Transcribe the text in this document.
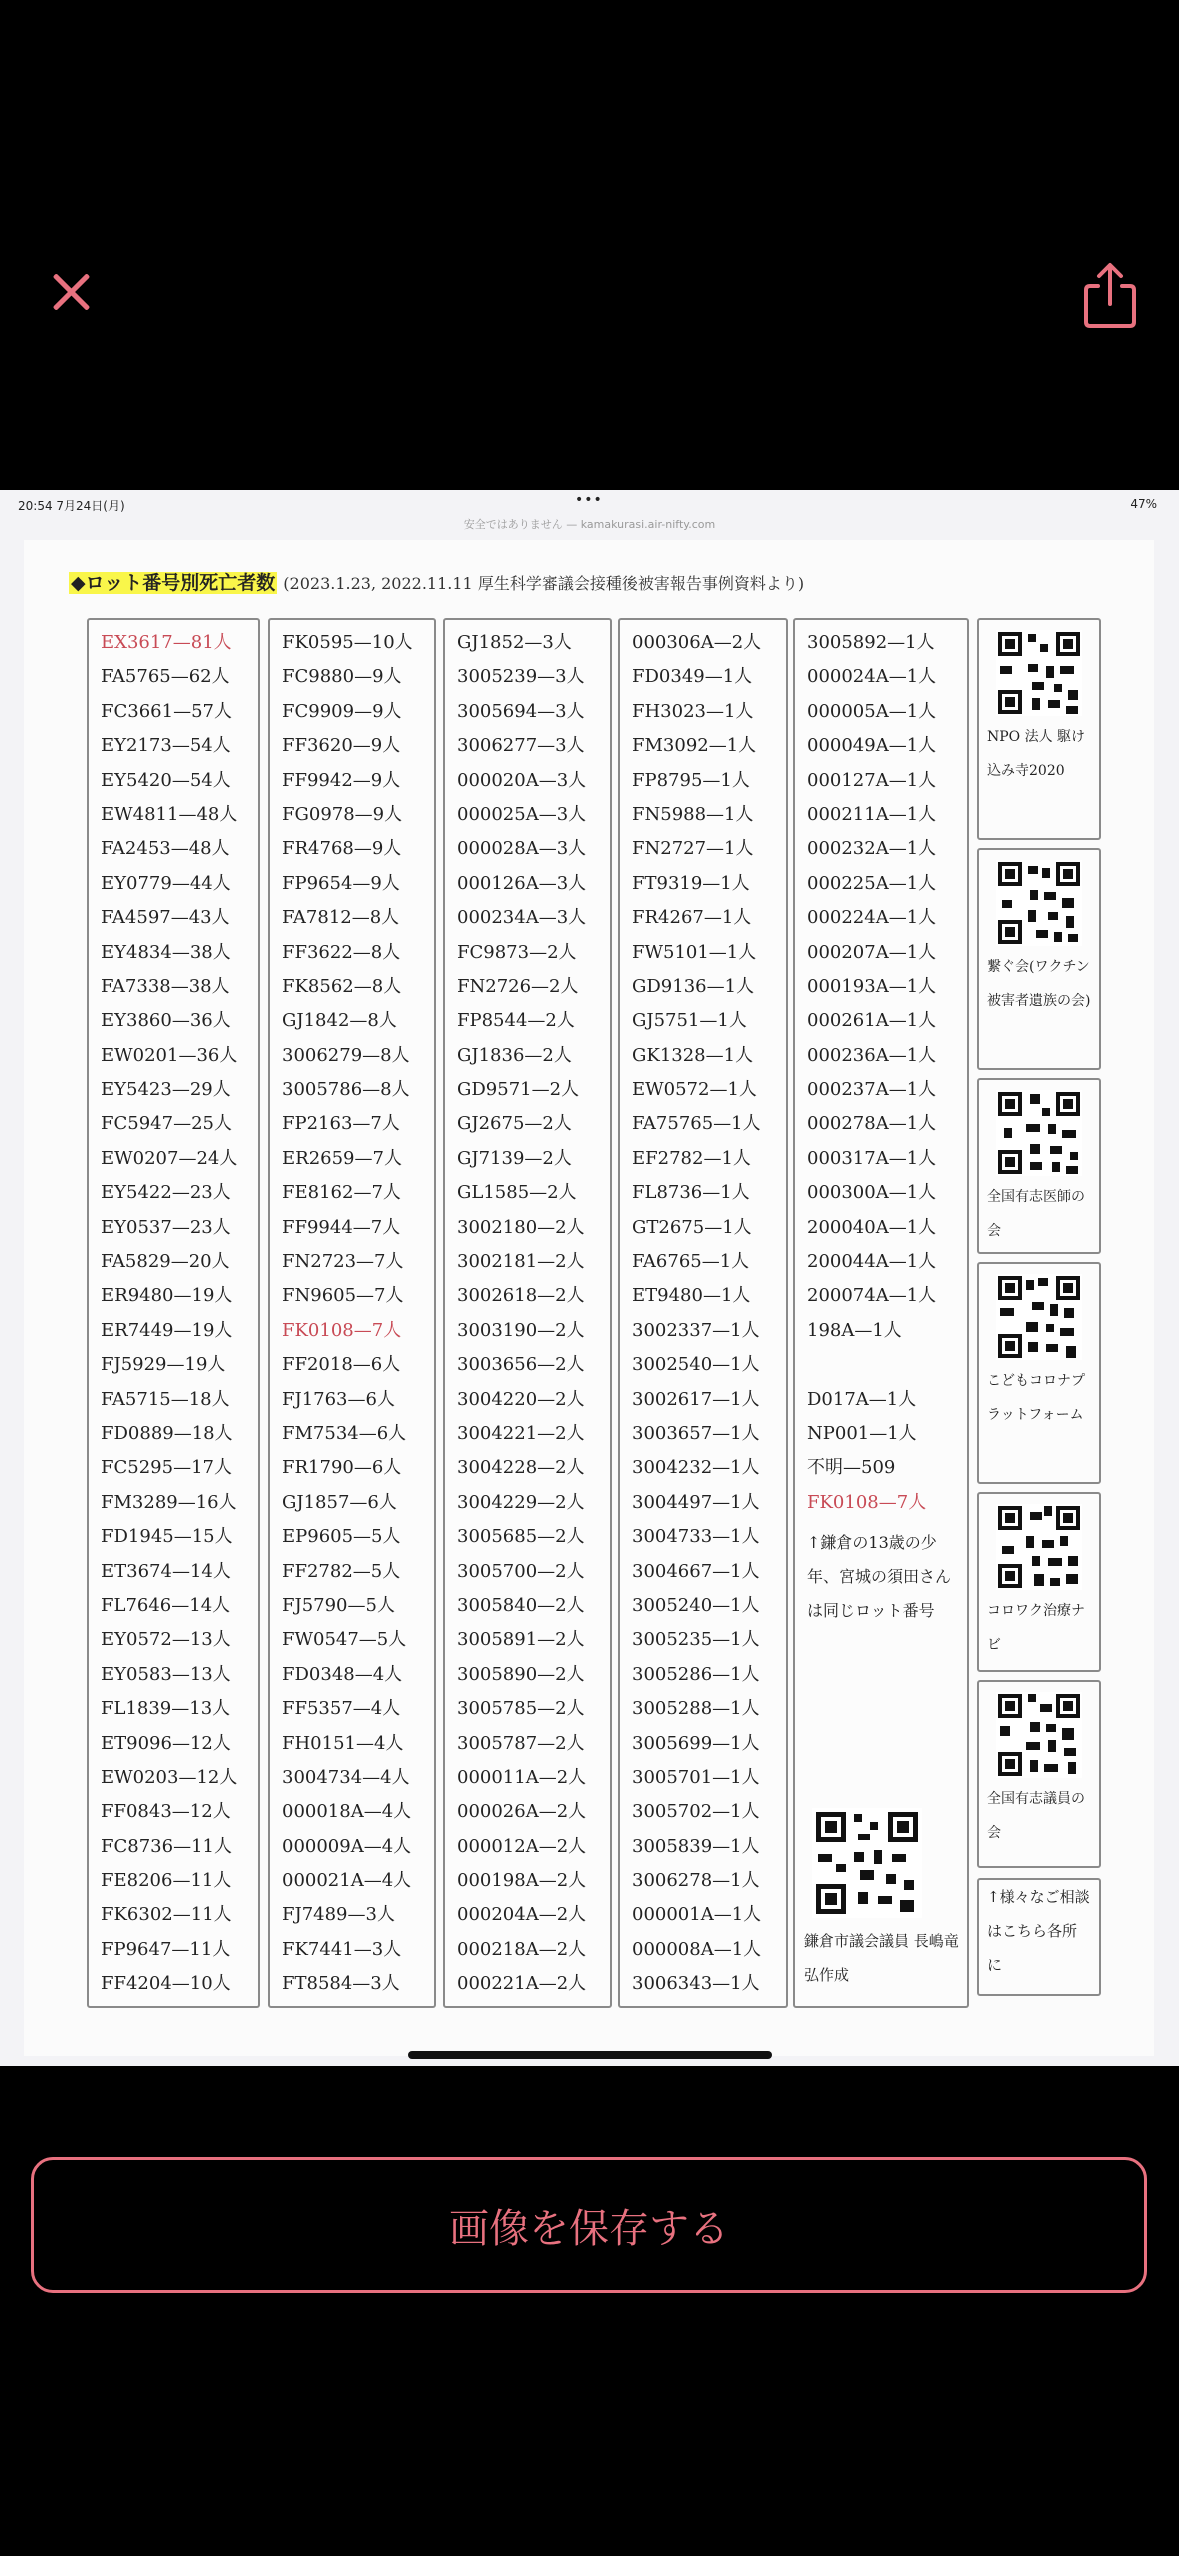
20:54 7月24日(月)	•••	47%
安全ではありません — kamakurasi.air-nifty.com
◆ロット番号別死亡者数 (2023.1.23, 2022.11.11 厚生科学審議会接種後被害報告事例資料より)
EX3617—81人
FA5765—62人
FC3661—57人
EY2173—54人
EY5420—54人
EW4811—48人
FA2453—48人
EY0779—44人
FA4597—43人
EY4834—38人
FA7338—38人
EY3860—36人
EW0201—36人
EY5423—29人
FC5947—25人
EW0207—24人
EY5422—23人
EY0537—23人
FA5829—20人
ER9480—19人
ER7449—19人
FJ5929—19人
FA5715—18人
FD0889—18人
FC5295—17人
FM3289—16人
FD1945—15人
ET3674—14人
FL7646—14人
EY0572—13人
EY0583—13人
FL1839—13人
ET9096—12人
EW0203—12人
FF0843—12人
FC8736—11人
FE8206—11人
FK6302—11人
FP9647—11人
FF4204—10人
FK0595—10人
FC9880—9人
FC9909—9人
FF3620—9人
FF9942—9人
FG0978—9人
FR4768—9人
FP9654—9人
FA7812—8人
FF3622—8人
FK8562—8人
GJ1842—8人
3006279—8人
3005786—8人
FP2163—7人
ER2659—7人
FE8162—7人
FF9944—7人
FN2723—7人
FN9605—7人
FK0108—7人
FF2018—6人
FJ1763—6人
FM7534—6人
FR1790—6人
GJ1857—6人
EP9605—5人
FF2782—5人
FJ5790—5人
FW0547—5人
FD0348—4人
FF5357—4人
FH0151—4人
3004734—4人
000018A—4人
000009A—4人
000021A—4人
FJ7489—3人
FK7441—3人
FT8584—3人
GJ1852—3人
3005239—3人
3005694—3人
3006277—3人
000020A—3人
000025A—3人
000028A—3人
000126A—3人
000234A—3人
FC9873—2人
FN2726—2人
FP8544—2人
GJ1836—2人
GD9571—2人
GJ2675—2人
GJ7139—2人
GL1585—2人
3002180—2人
3002181—2人
3002618—2人
3003190—2人
3003656—2人
3004220—2人
3004221—2人
3004228—2人
3004229—2人
3005685—2人
3005700—2人
3005840—2人
3005891—2人
3005890—2人
3005785—2人
3005787—2人
000011A—2人
000026A—2人
000012A—2人
000198A—2人
000204A—2人
000218A—2人
000221A—2人
000306A—2人
FD0349—1人
FH3023—1人
FM3092—1人
FP8795—1人
FN5988—1人
FN2727—1人
FT9319—1人
FR4267—1人
FW5101—1人
GD9136—1人
GJ5751—1人
GK1328—1人
EW0572—1人
FA75765—1人
EF2782—1人
FL8736—1人
GT2675—1人
FA6765—1人
ET9480—1人
3002337—1人
3002540—1人
3002617—1人
3003657—1人
3004232—1人
3004497—1人
3004733—1人
3004667—1人
3005240—1人
3005235—1人
3005286—1人
3005288—1人
3005699—1人
3005701—1人
3005702—1人
3005839—1人
3006278—1人
000001A—1人
000008A—1人
3006343—1人
3005892—1人
000024A—1人
000005A—1人
000049A—1人
000127A—1人
000211A—1人
000232A—1人
000225A—1人
000224A—1人
000207A—1人
000193A—1人
000261A—1人
000236A—1人
000237A—1人
000278A—1人
000317A—1人
000300A—1人
200040A—1人
200044A—1人
200074A—1人
198A—1人
D017A—1人
NP001—1人
不明—509
FK0108—7人

↑鎌倉の13歳の少年、宮城の須田さんは同じロット番号

鎌倉市議会議員 長嶋竜弘作成
NPO 法人 駆け込み寺2020
繋ぐ会(ワクチン被害者遺族の会)
全国有志医師の会
こどもコロナプラットフォーム
コロワク治療ナビ
全国有志議員の会
↑様々なご相談はこちら各所に
画像を保存する
